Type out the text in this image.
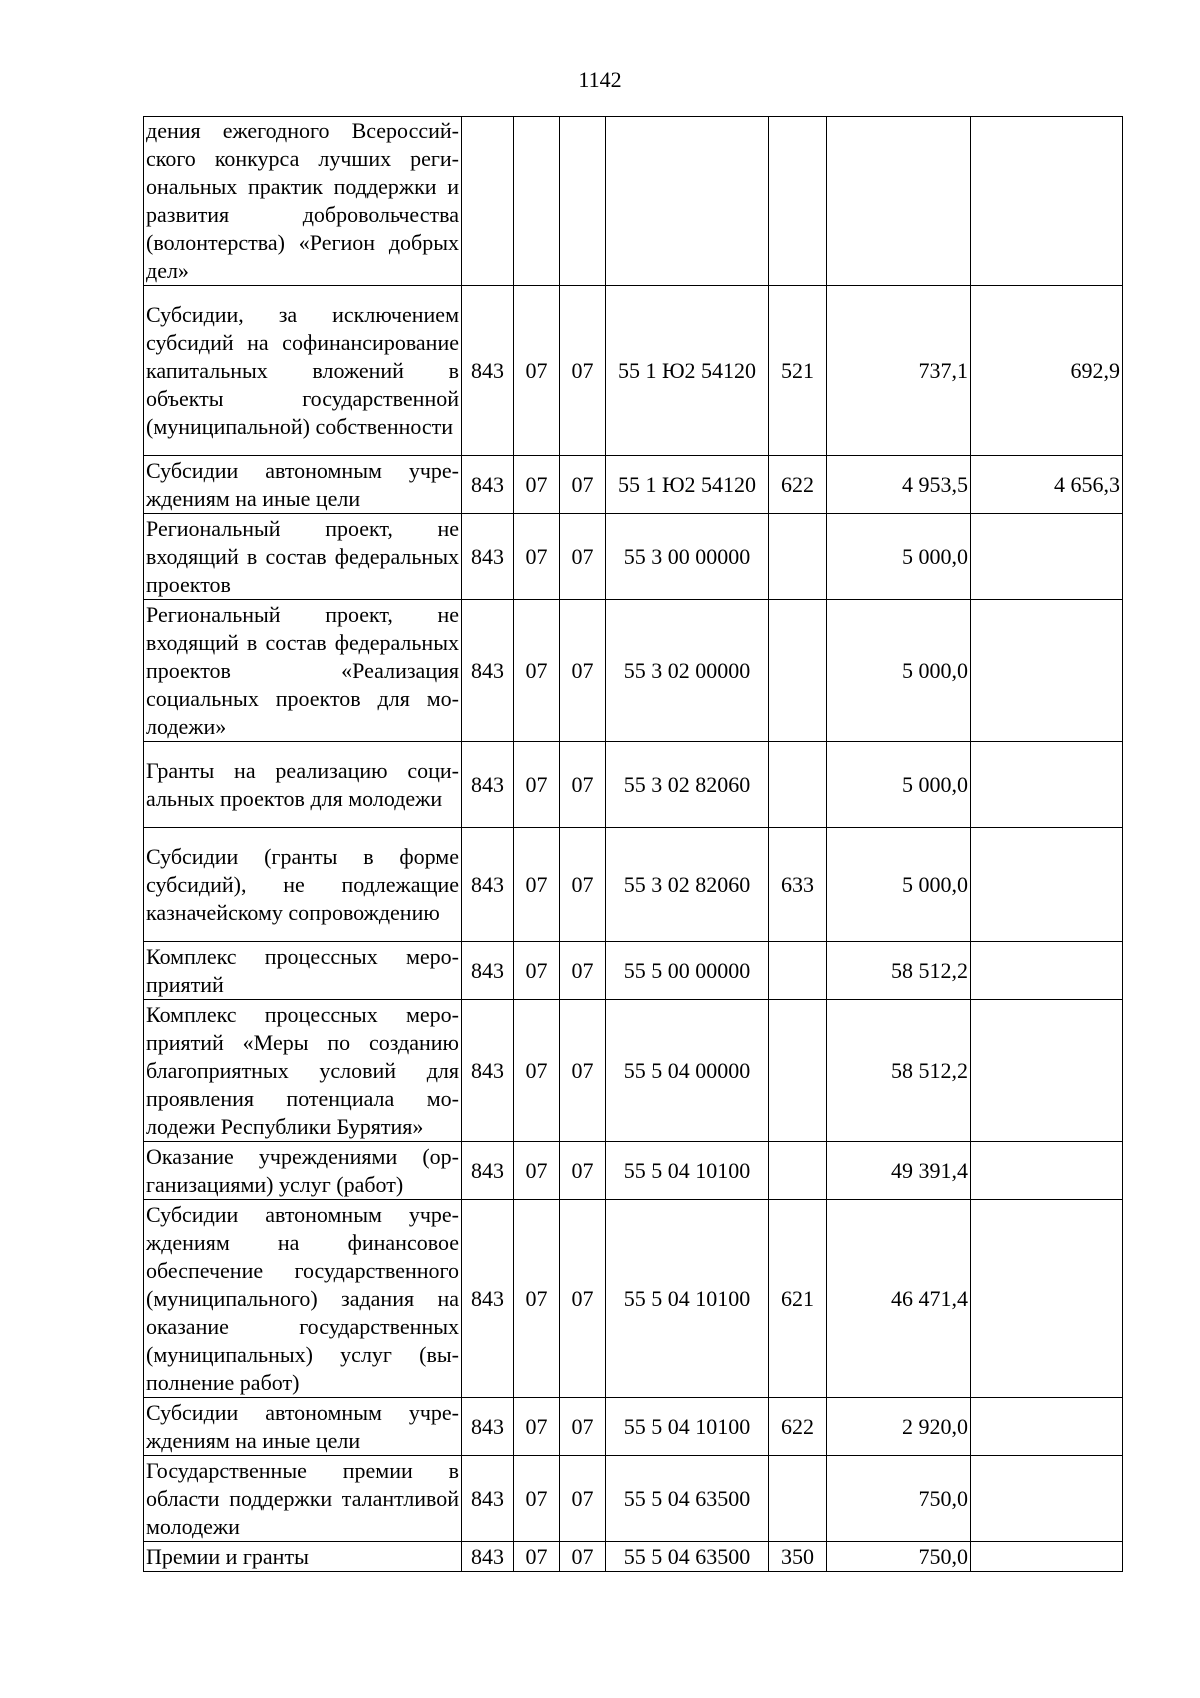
1142
дения ежегодного Всероссийского конкурса лучших региональных практик поддержки и развития добровольчества (волонтерства) «Регион добрых дел»							
Субсидии, за исключением субсидий на софинансирование капитальных вложений в объекты государственной (муниципальной) собственности	843	07	07	55 1 Ю2 54120	521	737,1	692,9
Субсидии автономным учреждениям на иные цели	843	07	07	55 1 Ю2 54120	622	4 953,5	4 656,3
Региональный проект, не входящий в состав федеральных проектов	843	07	07	55 3 00 00000		5 000,0	
Региональный проект, не входящий в состав федеральных проектов «Реализация социальных проектов для молодежи»	843	07	07	55 3 02 00000		5 000,0	
Гранты на реализацию социальных проектов для молодежи	843	07	07	55 3 02 82060		5 000,0	
Субсидии (гранты в форме субсидий), не подлежащие казначейскому сопровождению	843	07	07	55 3 02 82060	633	5 000,0	
Комплекс процессных мероприятий	843	07	07	55 5 00 00000		58 512,2	
Комплекс процессных мероприятий «Меры по созданию благоприятных условий для проявления потенциала молодежи Республики Бурятия»	843	07	07	55 5 04 00000		58 512,2	
Оказание учреждениями (организациями) услуг (работ)	843	07	07	55 5 04 10100		49 391,4	
Субсидии автономным учреждениям на финансовое обеспечение государственного (муниципального) задания на оказание государственных (муниципальных) услуг (выполнение работ)	843	07	07	55 5 04 10100	621	46 471,4	
Субсидии автономным учреждениям на иные цели	843	07	07	55 5 04 10100	622	2 920,0	
Государственные премии в области поддержки талантливой молодежи	843	07	07	55 5 04 63500		750,0	
Премии и гранты	843	07	07	55 5 04 63500	350	750,0	
